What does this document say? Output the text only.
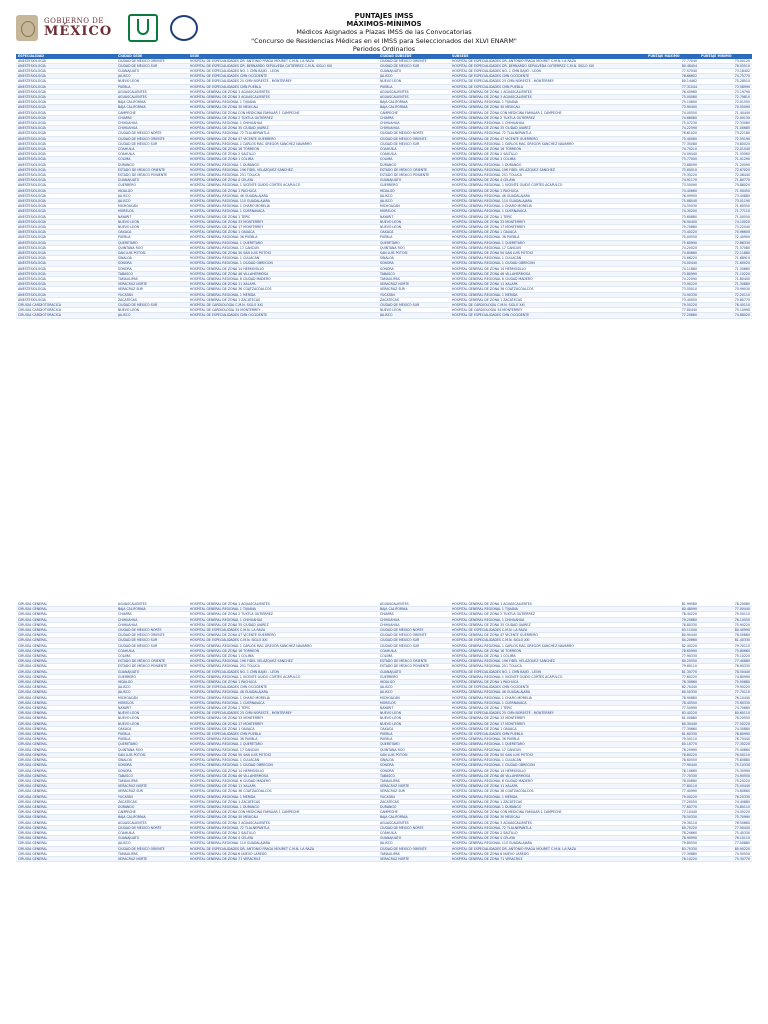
GOBIERNO DE
MÉXICO
PUNTAJES IMSS
MÁXIMOS-MÍNIMOS
Médicos Asignados a Plazas IMSS de las Convocatorias
"Concurso de Residencias Médicas en el IMSS para Seleccionados del XLVI ENARM"
Periodos Ordinarios
ESPECIALIDAD	CIUDAD SEDE	SEDE	CIUDAD SUBSEDE	SUBSEDE	PUNTAJE MÁXIMO	PUNTAJE MÍNIMO
ANESTESIOLOGÍA	CIUDAD DE MÉXICO ORIENTE	HOSPITAL DE ESPECIALIDADES DR. ANTONIO FRAGA MOURET C.M.N. LA RAZA	CIUDAD DE MÉXICO ORIENTE	HOSPITAL DE ESPECIALIDADES DR. ANTONIO FRAGA MOURET C.M.N. LA RAZA	77.77040	73.00120
ANESTESIOLOGÍA	CIUDAD DE MÉXICO SUR	HOSPITAL DE ESPECIALIDADES DR. BERNARDO SEPÚLVEDA GUTIÉRREZ C.M.N. SIGLO XXI	CIUDAD DE MÉXICO SUR	HOSPITAL DE ESPECIALIDADES DR. BERNARDO SEPÚLVEDA GUTIÉRREZ C.M.N. SIGLO XXI	80.48404	78.05510
ANESTESIOLOGÍA	GUANAJUATO	HOSPITAL DE ESPECIALIDADES NO. 1 CMN BAJÍO - LEÓN	GUANAJUATO	HOSPITAL DE ESPECIALIDADES NO. 1 CMN BAJÍO - LEÓN	77.57040	73.18402
ANESTESIOLOGÍA	JALISCO	HOSPITAL DE ESPECIALIDADES CMN OCCIDENTE	JALISCO	HOSPITAL DE ESPECIALIDADES CMN OCCIDENTE	78.66602	74.75770
ANESTESIOLOGÍA	NUEVO LEÓN	HOSPITAL DE ESPECIALIDADES 25 CMN NORESTE - MONTERREY	NUEVO LEÓN	HOSPITAL DE ESPECIALIDADES 25 CMN NORESTE - MONTERREY	80.14462	75.28010
ANESTESIOLOGÍA	PUEBLA	HOSPITAL DE ESPECIALIDADES CMN PUEBLA	PUEBLA	HOSPITAL DE ESPECIALIDADES CMN PUEBLA	77.31044	73.58990
ANESTESIOLOGÍA	AGUASCALIENTES	HOSPITAL GENERAL DE ZONA 1 AGUASCALIENTES	AGUASCALIENTES	HOSPITAL GENERAL DE ZONA 1 AGUASCALIENTES	76.00960	73.19790
ANESTESIOLOGÍA	AGUASCALIENTES	HOSPITAL GENERAL DE ZONA 3 AGUASCALIENTES	AGUASCALIENTES	HOSPITAL GENERAL DE ZONA 3 AGUASCALIENTES	75.00080	72.79810
ANESTESIOLOGÍA	BAJA CALIFORNIA	HOSPITAL GENERAL REGIONAL 1 TIJUANA	BAJA CALIFORNIA	HOSPITAL GENERAL REGIONAL 1 TIJUANA	75.10600	72.01550
ANESTESIOLOGÍA	BAJA CALIFORNIA	HOSPITAL GENERAL DE ZONA 30 MEXICALI	BAJA CALIFORNIA	HOSPITAL GENERAL DE ZONA 30 MEXICALI	73.90400	70.55090
ANESTESIOLOGÍA	CAMPECHE	HOSPITAL GENERAL DE ZONA CON MEDICINA FAMILIAR 1 CAMPECHE	CAMPECHE	HOSPITAL GENERAL DE ZONA CON MEDICINA FAMILIAR 1 CAMPECHE	74.00550	71.40440
ANESTESIOLOGÍA	CHIAPAS	HOSPITAL GENERAL DE ZONA 2 TUXTLA GUTIÉRREZ	CHIAPAS	HOSPITAL GENERAL DE ZONA 2 TUXTLA GUTIÉRREZ	74.66080	72.00130
ANESTESIOLOGÍA	CHIHUAHUA	HOSPITAL GENERAL REGIONAL 1 CHIHUAHUA	CHIHUAHUA	HOSPITAL GENERAL REGIONAL 1 CHIHUAHUA	75.57230	72.33080
ANESTESIOLOGÍA	CHIHUAHUA	HOSPITAL GENERAL DE ZONA 35 CIUDAD JUÁREZ	CHIHUAHUA	HOSPITAL GENERAL DE ZONA 35 CIUDAD JUÁREZ	74.22590	71.00680
ANESTESIOLOGÍA	CIUDAD DE MÉXICO NORTE	HOSPITAL GENERAL REGIONAL 72 TLALNEPANTLA	CIUDAD DE MÉXICO NORTE	HOSPITAL GENERAL REGIONAL 72 TLALNEPANTLA	76.61020	73.22180
ANESTESIOLOGÍA	CIUDAD DE MÉXICO ORIENTE	HOSPITAL GENERAL DE ZONA 47 VICENTE GUERRERO	CIUDAD DE MÉXICO ORIENTE	HOSPITAL GENERAL DE ZONA 47 VICENTE GUERRERO	75.40060	72.55190
ANESTESIOLOGÍA	CIUDAD DE MÉXICO SUR	HOSPITAL GENERAL REGIONAL 1 CARLOS MAC GREGOR SÁNCHEZ NAVARRO	CIUDAD DE MÉXICO SUR	HOSPITAL GENERAL REGIONAL 1 CARLOS MAC GREGOR SÁNCHEZ NAVARRO	77.35080	74.80020
ANESTESIOLOGÍA	COAHUILA	HOSPITAL GENERAL DE ZONA 16 TORREÓN	COAHUILA	HOSPITAL GENERAL DE ZONA 16 TORREÓN	74.70210	72.01040
ANESTESIOLOGÍA	COAHUILA	HOSPITAL GENERAL DE ZONA 2 SALTILLO	COAHUILA	HOSPITAL GENERAL DE ZONA 2 SALTILLO	74.09440	71.55560
ANESTESIOLOGÍA	COLIMA	HOSPITAL GENERAL DE ZONA 1 COLIMA	COLIMA	HOSPITAL GENERAL DE ZONA 1 COLIMA	73.77000	71.01290
ANESTESIOLOGÍA	DURANGO	HOSPITAL GENERAL REGIONAL 1 DURANGO	DURANGO	HOSPITAL GENERAL REGIONAL 1 DURANGO	73.88090	71.20090
ANESTESIOLOGÍA	ESTADO DE MÉXICO ORIENTE	HOSPITAL GENERAL REGIONAL 196 FIDEL VELÁZQUEZ SÁNCHEZ	ESTADO DE MÉXICO ORIENTE	HOSPITAL GENERAL REGIONAL 196 FIDEL VELÁZQUEZ SÁNCHEZ	75.60010	72.67020
ANESTESIOLOGÍA	ESTADO DE MÉXICO PONIENTE	HOSPITAL GENERAL REGIONAL 251 TOLUCA	ESTADO DE MÉXICO PONIENTE	HOSPITAL GENERAL REGIONAL 251 TOLUCA	75.35220	72.08440
ANESTESIOLOGÍA	GUANAJUATO	HOSPITAL GENERAL DE ZONA 4 CELAYA	GUANAJUATO	HOSPITAL GENERAL DE ZONA 4 CELAYA	74.91170	71.80770
ANESTESIOLOGÍA	GUERRERO	HOSPITAL GENERAL REGIONAL 1 VICENTE GUIDO CORTÉS ACAPULCO	GUERRERO	HOSPITAL GENERAL REGIONAL 1 VICENTE GUIDO CORTÉS ACAPULCO	73.50090	70.88020
ANESTESIOLOGÍA	HIDALGO	HOSPITAL GENERAL DE ZONA 1 PACHUCA	HIDALGO	HOSPITAL GENERAL DE ZONA 1 PACHUCA	74.40660	71.90450
ANESTESIOLOGÍA	JALISCO	HOSPITAL GENERAL REGIONAL 46 GUADALAJARA	JALISCO	HOSPITAL GENERAL REGIONAL 46 GUADALAJARA	76.09900	73.40880
ANESTESIOLOGÍA	JALISCO	HOSPITAL GENERAL REGIONAL 110 GUADALAJARA	JALISCO	HOSPITAL GENERAL REGIONAL 110 GUADALAJARA	75.88040	73.01190
ANESTESIOLOGÍA	MICHOACÁN	HOSPITAL GENERAL REGIONAL 1 CHARO MORELIA	MICHOACÁN	HOSPITAL GENERAL REGIONAL 1 CHARO MORELIA	74.55030	71.60550
ANESTESIOLOGÍA	MORELOS	HOSPITAL GENERAL REGIONAL 1 CUERNAVACA	MORELOS	HOSPITAL GENERAL REGIONAL 1 CUERNAVACA	74.30200	71.77110
ANESTESIOLOGÍA	NAYARIT	HOSPITAL GENERAL DE ZONA 1 TEPIC	NAYARIT	HOSPITAL GENERAL DE ZONA 1 TEPIC	73.60880	71.00550
ANESTESIOLOGÍA	NUEVO LEÓN	HOSPITAL GENERAL DE ZONA 33 MONTERREY	NUEVO LEÓN	HOSPITAL GENERAL DE ZONA 33 MONTERREY	76.90400	74.10020
ANESTESIOLOGÍA	NUEVO LEÓN	HOSPITAL GENERAL DE ZONA 17 MONTERREY	NUEVO LEÓN	HOSPITAL GENERAL DE ZONA 17 MONTERREY	75.70880	73.22040
ANESTESIOLOGÍA	OAXACA	HOSPITAL GENERAL DE ZONA 1 OAXACA	OAXACA	HOSPITAL GENERAL DE ZONA 1 OAXACA	73.40220	70.96600
ANESTESIOLOGÍA	PUEBLA	HOSPITAL GENERAL REGIONAL 36 PUEBLA	PUEBLA	HOSPITAL GENERAL REGIONAL 36 PUEBLA	75.00550	72.40900
ANESTESIOLOGÍA	QUERÉTARO	HOSPITAL GENERAL REGIONAL 1 QUERÉTARO	QUERÉTARO	HOSPITAL GENERAL REGIONAL 1 QUERÉTARO	75.60990	72.88330
ANESTESIOLOGÍA	QUINTANA ROO	HOSPITAL GENERAL REGIONAL 17 CANCÚN	QUINTANA ROO	HOSPITAL GENERAL REGIONAL 17 CANCÚN	74.20020	71.57080
ANESTESIOLOGÍA	SAN LUIS POTOSÍ	HOSPITAL GENERAL DE ZONA 50 SAN LUIS POTOSÍ	SAN LUIS POTOSÍ	HOSPITAL GENERAL DE ZONA 50 SAN LUIS POTOSÍ	74.80660	72.11880
ANESTESIOLOGÍA	SINALOA	HOSPITAL GENERAL REGIONAL 1 CULIACÁN	SINALOA	HOSPITAL GENERAL REGIONAL 1 CULIACÁN	74.66220	71.88910
ANESTESIOLOGÍA	SONORA	HOSPITAL GENERAL REGIONAL 1 CIUDAD OBREGÓN	SONORA	HOSPITAL GENERAL REGIONAL 1 CIUDAD OBREGÓN	74.00440	71.60020
ANESTESIOLOGÍA	SONORA	HOSPITAL GENERAL DE ZONA 14 HERMOSILLO	SONORA	HOSPITAL GENERAL DE ZONA 14 HERMOSILLO	74.11880	71.50660
ANESTESIOLOGÍA	TABASCO	HOSPITAL GENERAL DE ZONA 46 VILLAHERMOSA	TABASCO	HOSPITAL GENERAL DE ZONA 46 VILLAHERMOSA	73.80990	71.10220
ANESTESIOLOGÍA	TAMAULIPAS	HOSPITAL GENERAL REGIONAL 6 CIUDAD MADERO	TAMAULIPAS	HOSPITAL GENERAL REGIONAL 6 CIUDAD MADERO	74.22090	71.80400
ANESTESIOLOGÍA	VERACRUZ NORTE	HOSPITAL GENERAL DE ZONA 11 XALAPA	VERACRUZ NORTE	HOSPITAL GENERAL DE ZONA 11 XALAPA	73.90220	71.30880
ANESTESIOLOGÍA	VERACRUZ SUR	HOSPITAL GENERAL DE ZONA 36 COATZACOALCOS	VERACRUZ SUR	HOSPITAL GENERAL DE ZONA 36 COATZACOALCOS	73.55010	70.99030
ANESTESIOLOGÍA	YUCATÁN	HOSPITAL GENERAL REGIONAL 1 MÉRIDA	YUCATÁN	HOSPITAL GENERAL REGIONAL 1 MÉRIDA	74.90330	72.20110
ANESTESIOLOGÍA	ZACATECAS	HOSPITAL GENERAL DE ZONA 1 ZACATECAS	ZACATECAS	HOSPITAL GENERAL DE ZONA 1 ZACATECAS	73.40050	70.80770
CIRUGÍA CARDIOTORÁCICA	CIUDAD DE MÉXICO SUR	HOSPITAL DE CARDIOLOGÍA C.M.N. SIGLO XXI	CIUDAD DE MÉXICO SUR	HOSPITAL DE CARDIOLOGÍA C.M.N. SIGLO XXI	79.50220	76.40110
CIRUGÍA CARDIOTORÁCICA	NUEVO LEÓN	HOSPITAL DE CARDIOLOGÍA 34 MONTERREY	NUEVO LEÓN	HOSPITAL DE CARDIOLOGÍA 34 MONTERREY	77.80440	75.10990
CIRUGÍA CARDIOTORÁCICA	JALISCO	HOSPITAL DE ESPECIALIDADES CMN OCCIDENTE	JALISCO	HOSPITAL DE ESPECIALIDADES CMN OCCIDENTE	77.20660	74.88020
CIRUGÍA GENERAL	AGUASCALIENTES	HOSPITAL GENERAL DE ZONA 1 AGUASCALIENTES	AGUASCALIENTES	HOSPITAL GENERAL DE ZONA 1 AGUASCALIENTES	81.99580	78.20080
CIRUGÍA GENERAL	BAJA CALIFORNIA	HOSPITAL GENERAL REGIONAL 1 TIJUANA	BAJA CALIFORNIA	HOSPITAL GENERAL REGIONAL 1 TIJUANA	80.48090	77.00440
CIRUGÍA GENERAL	CHIAPAS	HOSPITAL GENERAL DE ZONA 2 TUXTLA GUTIÉRREZ	CHIAPAS	HOSPITAL GENERAL DE ZONA 2 TUXTLA GUTIÉRREZ	78.40220	75.50110
CIRUGÍA GENERAL	CHIHUAHUA	HOSPITAL GENERAL REGIONAL 1 CHIHUAHUA	CHIHUAHUA	HOSPITAL GENERAL REGIONAL 1 CHIHUAHUA	79.20880	76.10550
CIRUGÍA GENERAL	CHIHUAHUA	HOSPITAL GENERAL DE ZONA 35 CIUDAD JUÁREZ	CHIHUAHUA	HOSPITAL GENERAL DE ZONA 35 CIUDAD JUÁREZ	78.80330	75.90220
CIRUGÍA GENERAL	CIUDAD DE MÉXICO NORTE	HOSPITAL DE ESPECIALIDADES C.M.N. LA RAZA	CIUDAD DE MÉXICO NORTE	HOSPITAL DE ESPECIALIDADES C.M.N. LA RAZA	83.11040	80.40990
CIRUGÍA GENERAL	CIUDAD DE MÉXICO ORIENTE	HOSPITAL GENERAL DE ZONA 47 VICENTE GUERRERO	CIUDAD DE MÉXICO ORIENTE	HOSPITAL GENERAL DE ZONA 47 VICENTE GUERRERO	80.90440	78.00880
CIRUGÍA GENERAL	CIUDAD DE MÉXICO SUR	HOSPITAL DE ESPECIALIDADES C.M.N. SIGLO XXI	CIUDAD DE MÉXICO SUR	HOSPITAL DE ESPECIALIDADES C.M.N. SIGLO XXI	84.20660	81.40330
CIRUGÍA GENERAL	CIUDAD DE MÉXICO SUR	HOSPITAL GENERAL REGIONAL 1 CARLOS MAC GREGOR SÁNCHEZ NAVARRO	CIUDAD DE MÉXICO SUR	HOSPITAL GENERAL REGIONAL 1 CARLOS MAC GREGOR SÁNCHEZ NAVARRO	82.40220	79.70110
CIRUGÍA GENERAL	COAHUILA	HOSPITAL GENERAL DE ZONA 16 TORREÓN	COAHUILA	HOSPITAL GENERAL DE ZONA 16 TORREÓN	78.60990	75.80660
CIRUGÍA GENERAL	COLIMA	HOSPITAL GENERAL DE ZONA 1 COLIMA	COLIMA	HOSPITAL GENERAL DE ZONA 1 COLIMA	77.90330	75.10220
CIRUGÍA GENERAL	ESTADO DE MÉXICO ORIENTE	HOSPITAL GENERAL REGIONAL 196 FIDEL VELÁZQUEZ SÁNCHEZ	ESTADO DE MÉXICO ORIENTE	HOSPITAL GENERAL REGIONAL 196 FIDEL VELÁZQUEZ SÁNCHEZ	80.20550	77.40880
CIRUGÍA GENERAL	ESTADO DE MÉXICO PONIENTE	HOSPITAL GENERAL REGIONAL 251 TOLUCA	ESTADO DE MÉXICO PONIENTE	HOSPITAL GENERAL REGIONAL 251 TOLUCA	79.80110	76.90330
CIRUGÍA GENERAL	GUANAJUATO	HOSPITAL DE ESPECIALIDADES NO. 1 CMN BAJÍO - LEÓN	GUANAJUATO	HOSPITAL DE ESPECIALIDADES NO. 1 CMN BAJÍO - LEÓN	81.30770	78.50440
CIRUGÍA GENERAL	GUERRERO	HOSPITAL GENERAL REGIONAL 1 VICENTE GUIDO CORTÉS ACAPULCO	GUERRERO	HOSPITAL GENERAL REGIONAL 1 VICENTE GUIDO CORTÉS ACAPULCO	77.60220	74.80990
CIRUGÍA GENERAL	HIDALGO	HOSPITAL GENERAL DE ZONA 1 PACHUCA	HIDALGO	HOSPITAL GENERAL DE ZONA 1 PACHUCA	78.30660	75.50880
CIRUGÍA GENERAL	JALISCO	HOSPITAL DE ESPECIALIDADES CMN OCCIDENTE	JALISCO	HOSPITAL DE ESPECIALIDADES CMN OCCIDENTE	82.70440	79.90220
CIRUGÍA GENERAL	JALISCO	HOSPITAL GENERAL REGIONAL 46 GUADALAJARA	JALISCO	HOSPITAL GENERAL REGIONAL 46 GUADALAJARA	80.50330	77.70110
CIRUGÍA GENERAL	MICHOACÁN	HOSPITAL GENERAL REGIONAL 1 CHARO MORELIA	MICHOACÁN	HOSPITAL GENERAL REGIONAL 1 CHARO MORELIA	78.90880	76.10440
CIRUGÍA GENERAL	MORELOS	HOSPITAL GENERAL REGIONAL 1 CUERNAVACA	MORELOS	HOSPITAL GENERAL REGIONAL 1 CUERNAVACA	78.40550	75.60330
CIRUGÍA GENERAL	NAYARIT	HOSPITAL GENERAL DE ZONA 1 TEPIC	NAYARIT	HOSPITAL GENERAL DE ZONA 1 TEPIC	77.50990	74.70660
CIRUGÍA GENERAL	NUEVO LEÓN	HOSPITAL DE ESPECIALIDADES 25 CMN NORESTE - MONTERREY	NUEVO LEÓN	HOSPITAL DE ESPECIALIDADES 25 CMN NORESTE - MONTERREY	83.40220	80.60110
CIRUGÍA GENERAL	NUEVO LEÓN	HOSPITAL GENERAL DE ZONA 33 MONTERREY	NUEVO LEÓN	HOSPITAL GENERAL DE ZONA 33 MONTERREY	81.00880	78.20550
CIRUGÍA GENERAL	NUEVO LEÓN	HOSPITAL GENERAL DE ZONA 17 MONTERREY	NUEVO LEÓN	HOSPITAL GENERAL DE ZONA 17 MONTERREY	80.30440	77.50220
CIRUGÍA GENERAL	OAXACA	HOSPITAL GENERAL DE ZONA 1 OAXACA	OAXACA	HOSPITAL GENERAL DE ZONA 1 OAXACA	77.30660	74.50880
CIRUGÍA GENERAL	PUEBLA	HOSPITAL DE ESPECIALIDADES CMN PUEBLA	PUEBLA	HOSPITAL DE ESPECIALIDADES CMN PUEBLA	81.60330	78.80990
CIRUGÍA GENERAL	PUEBLA	HOSPITAL GENERAL REGIONAL 36 PUEBLA	PUEBLA	HOSPITAL GENERAL REGIONAL 36 PUEBLA	79.50110	76.70440
CIRUGÍA GENERAL	QUERÉTARO	HOSPITAL GENERAL REGIONAL 1 QUERÉTARO	QUERÉTARO	HOSPITAL GENERAL REGIONAL 1 QUERÉTARO	80.10770	77.30220
CIRUGÍA GENERAL	QUINTANA ROO	HOSPITAL GENERAL REGIONAL 17 CANCÚN	QUINTANA ROO	HOSPITAL GENERAL REGIONAL 17 CANCÚN	78.20990	75.40660
CIRUGÍA GENERAL	SAN LUIS POTOSÍ	HOSPITAL GENERAL DE ZONA 50 SAN LUIS POTOSÍ	SAN LUIS POTOSÍ	HOSPITAL GENERAL DE ZONA 50 SAN LUIS POTOSÍ	78.80220	76.00110
CIRUGÍA GENERAL	SINALOA	HOSPITAL GENERAL REGIONAL 1 CULIACÁN	SINALOA	HOSPITAL GENERAL REGIONAL 1 CULIACÁN	78.60550	75.80880
CIRUGÍA GENERAL	SONORA	HOSPITAL GENERAL REGIONAL 1 CIUDAD OBREGÓN	SONORA	HOSPITAL GENERAL REGIONAL 1 CIUDAD OBREGÓN	77.90440	75.10330
CIRUGÍA GENERAL	SONORA	HOSPITAL GENERAL DE ZONA 14 HERMOSILLO	SONORA	HOSPITAL GENERAL DE ZONA 14 HERMOSILLO	78.10660	75.30990
CIRUGÍA GENERAL	TABASCO	HOSPITAL GENERAL DE ZONA 46 VILLAHERMOSA	TABASCO	HOSPITAL GENERAL DE ZONA 46 VILLAHERMOSA	77.70330	74.90550
CIRUGÍA GENERAL	TAMAULIPAS	HOSPITAL GENERAL REGIONAL 6 CIUDAD MADERO	TAMAULIPAS	HOSPITAL GENERAL REGIONAL 6 CIUDAD MADERO	78.00880	75.20220
CIRUGÍA GENERAL	VERACRUZ NORTE	HOSPITAL GENERAL DE ZONA 11 XALAPA	VERACRUZ NORTE	HOSPITAL GENERAL DE ZONA 11 XALAPA	77.80110	75.00440
CIRUGÍA GENERAL	VERACRUZ SUR	HOSPITAL GENERAL DE ZONA 36 COATZACOALCOS	VERACRUZ SUR	HOSPITAL GENERAL DE ZONA 36 COATZACOALCOS	77.40990	74.60660
CIRUGÍA GENERAL	YUCATÁN	HOSPITAL GENERAL REGIONAL 1 MÉRIDA	YUCATÁN	HOSPITAL GENERAL REGIONAL 1 MÉRIDA	79.00220	76.20330
CIRUGÍA GENERAL	ZACATECAS	HOSPITAL GENERAL DE ZONA 1 ZACATECAS	ZACATECAS	HOSPITAL GENERAL DE ZONA 1 ZACATECAS	77.20550	74.40880
CIRUGÍA GENERAL	DURANGO	HOSPITAL GENERAL REGIONAL 1 DURANGO	DURANGO	HOSPITAL GENERAL REGIONAL 1 DURANGO	77.60770	74.80110
CIRUGÍA GENERAL	CAMPECHE	HOSPITAL GENERAL DE ZONA CON MEDICINA FAMILIAR 1 CAMPECHE	CAMPECHE	HOSPITAL GENERAL DE ZONA CON MEDICINA FAMILIAR 1 CAMPECHE	77.10440	74.30220
CIRUGÍA GENERAL	BAJA CALIFORNIA	HOSPITAL GENERAL DE ZONA 30 MEXICALI	BAJA CALIFORNIA	HOSPITAL GENERAL DE ZONA 30 MEXICALI	78.50330	75.70990
CIRUGÍA GENERAL	AGUASCALIENTES	HOSPITAL GENERAL DE ZONA 3 AGUASCALIENTES	AGUASCALIENTES	HOSPITAL GENERAL DE ZONA 3 AGUASCALIENTES	79.30110	76.50660
CIRUGÍA GENERAL	CIUDAD DE MÉXICO NORTE	HOSPITAL GENERAL REGIONAL 72 TLALNEPANTLA	CIUDAD DE MÉXICO NORTE	HOSPITAL GENERAL REGIONAL 72 TLALNEPANTLA	80.70220	77.90440
CIRUGÍA GENERAL	COAHUILA	HOSPITAL GENERAL DE ZONA 2 SALTILLO	COAHUILA	HOSPITAL GENERAL DE ZONA 2 SALTILLO	78.20660	75.40330
CIRUGÍA GENERAL	GUANAJUATO	HOSPITAL GENERAL DE ZONA 4 CELAYA	GUANAJUATO	HOSPITAL GENERAL DE ZONA 4 CELAYA	78.90990	76.10110
CIRUGÍA GENERAL	JALISCO	HOSPITAL GENERAL REGIONAL 110 GUADALAJARA	JALISCO	HOSPITAL GENERAL REGIONAL 110 GUADALAJARA	79.80550	77.00880
CIRUGÍA GENERAL	CIUDAD DE MÉXICO ORIENTE	HOSPITAL DE ESPECIALIDADES DR. ANTONIO FRAGA MOURET C.M.N. LA RAZA	CIUDAD DE MÉXICO ORIENTE	HOSPITAL DE ESPECIALIDADES DR. ANTONIO FRAGA MOURET C.M.N. LA RAZA	83.70330	80.90220
CIRUGÍA GENERAL	TAMAULIPAS	HOSPITAL GENERAL DE ZONA 6 NUEVO LAREDO	TAMAULIPAS	HOSPITAL GENERAL DE ZONA 6 NUEVO LAREDO	77.30880	74.50550
CIRUGÍA GENERAL	VERACRUZ NORTE	HOSPITAL GENERAL DE ZONA 71 VERACRUZ	VERACRUZ NORTE	HOSPITAL GENERAL DE ZONA 71 VERACRUZ	78.10220	75.30770
